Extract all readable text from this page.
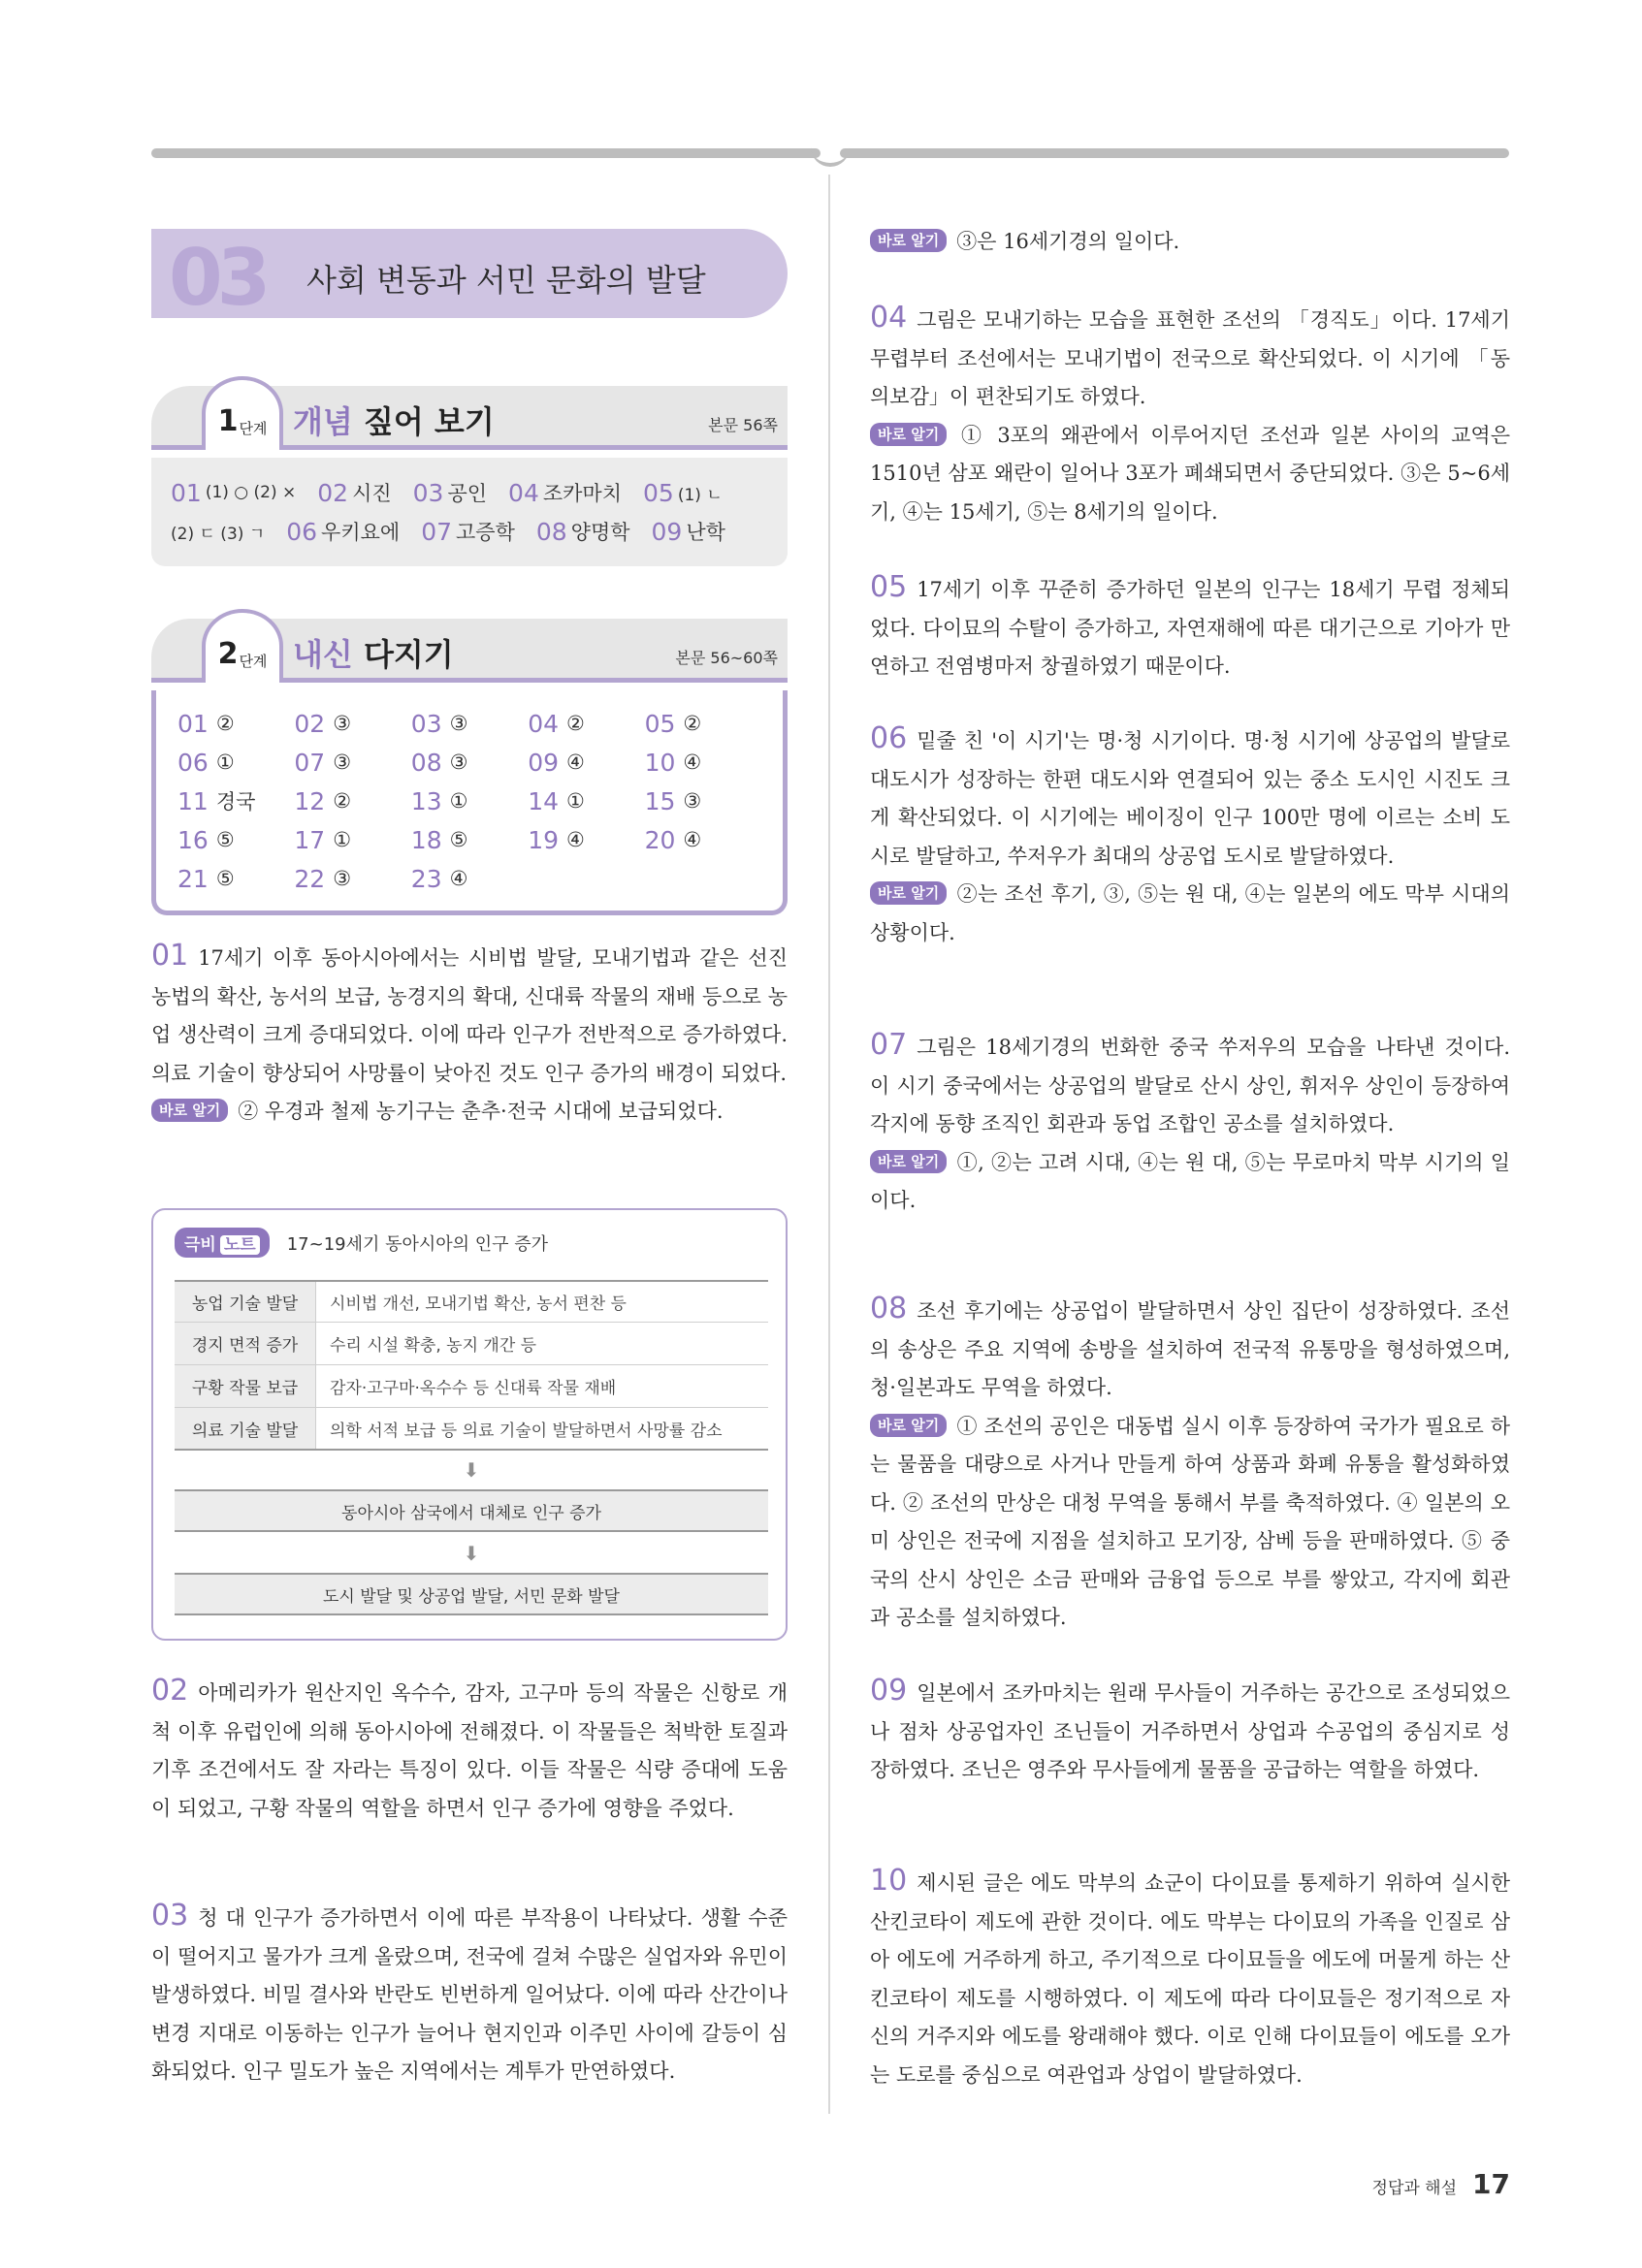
03 사회 변동과 서민 문화의 발달
1 단계 개념 짚어 보기	본문 56쪽
01 (1) ○ (2) × 02 시진 03 공인 04 조카마치 05 (1) ㄴ
(2) ㄷ (3) ㄱ 06 우키요에 07 고증학 08 양명학 09 난학
2 단계 내신 다지기	본문 56~60쪽
01 ② 02 ③ 03 ③ 04 ② 05 ②
06 ① 07 ③ 08 ③ 09 ④ 10 ④
11 경국 12 ② 13 ① 14 ① 15 ③
16 ⑤ 17 ① 18 ⑤ 19 ④ 20 ④
21 ⑤ 22 ③ 23 ④
01 17세기 이후 동아시아에서는 시비법 발달, 모내기법과 같은 선진 농법의 확산, 농서의 보급, 농경지의 확대, 신대륙 작물의 재배 등으로 농업 생산력이 크게 증대되었다. 이에 따라 인구가 전반적으로 증가하였다. 의료 기술이 향상되어 사망률이 낮아진 것도 인구 증가의 배경이 되었다.
바로 알기 ② 우경과 철제 농기구는 춘추·전국 시대에 보급되었다.
극비 노트	17~19세기 동아시아의 인구 증가
농업 기술 발달	시비법 개선, 모내기법 확산, 농서 편찬 등
경지 면적 증가	수리 시설 확충, 농지 개간 등
구황 작물 보급	감자·고구마·옥수수 등 신대륙 작물 재배
의료 기술 발달	의학 서적 보급 등 의료 기술이 발달하면서 사망률 감소
⬇
동아시아 삼국에서 대체로 인구 증가
⬇
도시 발달 및 상공업 발달, 서민 문화 발달
02 아메리카가 원산지인 옥수수, 감자, 고구마 등의 작물은 신항로 개척 이후 유럽인에 의해 동아시아에 전해졌다. 이 작물들은 척박한 토질과 기후 조건에서도 잘 자라는 특징이 있다. 이들 작물은 식량 증대에 도움이 되었고, 구황 작물의 역할을 하면서 인구 증가에 영향을 주었다.
03 청 대 인구가 증가하면서 이에 따른 부작용이 나타났다. 생활 수준이 떨어지고 물가가 크게 올랐으며, 전국에 걸쳐 수많은 실업자와 유민이 발생하였다. 비밀 결사와 반란도 빈번하게 일어났다. 이에 따라 산간이나 변경 지대로 이동하는 인구가 늘어나 현지인과 이주민 사이에 갈등이 심화되었다. 인구 밀도가 높은 지역에서는 계투가 만연하였다.
바로 알기 ③은 16세기경의 일이다.
04 그림은 모내기하는 모습을 표현한 조선의 「경직도」이다. 17세기 무렵부터 조선에서는 모내기법이 전국으로 확산되었다. 이 시기에 「동의보감」이 편찬되기도 하였다.
바로 알기 ① 3포의 왜관에서 이루어지던 조선과 일본 사이의 교역은 1510년 삼포 왜란이 일어나 3포가 폐쇄되면서 중단되었다. ③은 5~6세기, ④는 15세기, ⑤는 8세기의 일이다.
05 17세기 이후 꾸준히 증가하던 일본의 인구는 18세기 무렵 정체되었다. 다이묘의 수탈이 증가하고, 자연재해에 따른 대기근으로 기아가 만연하고 전염병마저 창궐하였기 때문이다.
06 밑줄 친 '이 시기'는 명·청 시기이다. 명·청 시기에 상공업의 발달로 대도시가 성장하는 한편 대도시와 연결되어 있는 중소 도시인 시진도 크게 확산되었다. 이 시기에는 베이징이 인구 100만 명에 이르는 소비 도시로 발달하고, 쑤저우가 최대의 상공업 도시로 발달하였다.
바로 알기 ②는 조선 후기, ③, ⑤는 원 대, ④는 일본의 에도 막부 시대의 상황이다.
07 그림은 18세기경의 번화한 중국 쑤저우의 모습을 나타낸 것이다. 이 시기 중국에서는 상공업의 발달로 산시 상인, 휘저우 상인이 등장하여 각지에 동향 조직인 회관과 동업 조합인 공소를 설치하였다.
바로 알기 ①, ②는 고려 시대, ④는 원 대, ⑤는 무로마치 막부 시기의 일이다.
08 조선 후기에는 상공업이 발달하면서 상인 집단이 성장하였다. 조선의 송상은 주요 지역에 송방을 설치하여 전국적 유통망을 형성하였으며, 청·일본과도 무역을 하였다.
바로 알기 ① 조선의 공인은 대동법 실시 이후 등장하여 국가가 필요로 하는 물품을 대량으로 사거나 만들게 하여 상품과 화폐 유통을 활성화하였다. ② 조선의 만상은 대청 무역을 통해서 부를 축적하였다. ④ 일본의 오미 상인은 전국에 지점을 설치하고 모기장, 삼베 등을 판매하였다. ⑤ 중국의 산시 상인은 소금 판매와 금융업 등으로 부를 쌓았고, 각지에 회관과 공소를 설치하였다.
09 일본에서 조카마치는 원래 무사들이 거주하는 공간으로 조성되었으나 점차 상공업자인 조닌들이 거주하면서 상업과 수공업의 중심지로 성장하였다. 조닌은 영주와 무사들에게 물품을 공급하는 역할을 하였다.
10 제시된 글은 에도 막부의 쇼군이 다이묘를 통제하기 위하여 실시한 산킨코타이 제도에 관한 것이다. 에도 막부는 다이묘의 가족을 인질로 삼아 에도에 거주하게 하고, 주기적으로 다이묘들을 에도에 머물게 하는 산킨코타이 제도를 시행하였다. 이 제도에 따라 다이묘들은 정기적으로 자신의 거주지와 에도를 왕래해야 했다. 이로 인해 다이묘들이 에도를 오가는 도로를 중심으로 여관업과 상업이 발달하였다.
정답과 해설 17
